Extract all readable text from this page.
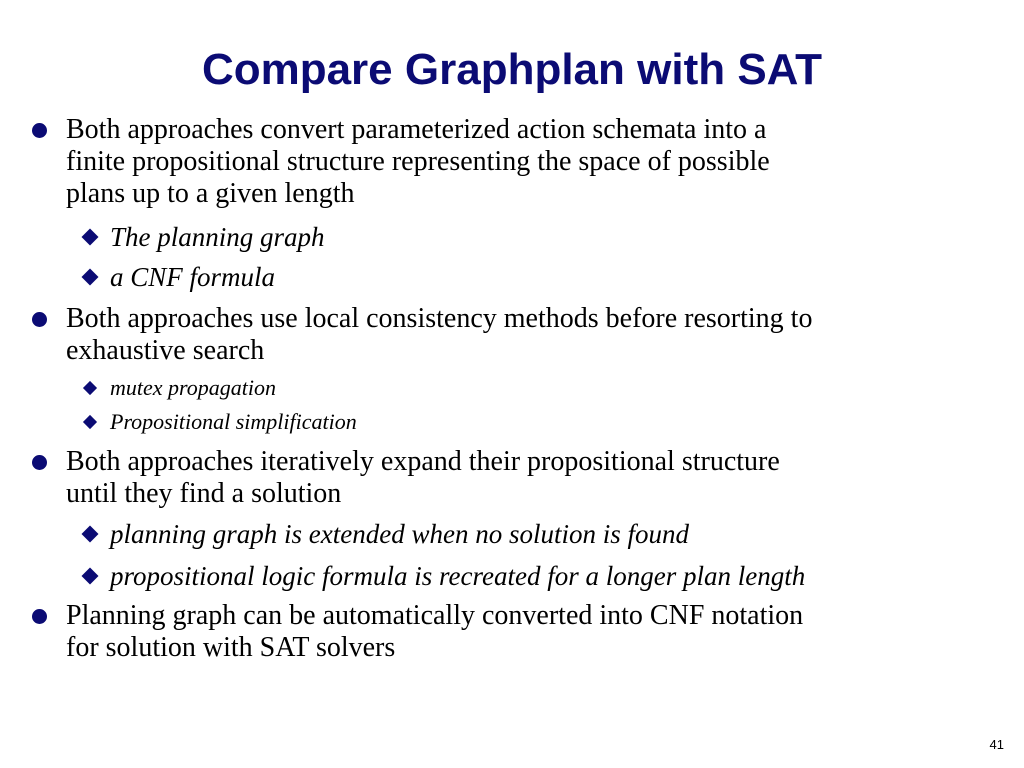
Compare Graphplan with SAT
Both approaches convert parameterized action schemata into a
finite propositional structure representing the space of possible
plans up to a given length
The planning graph
a CNF formula
Both approaches use local consistency methods before resorting to
exhaustive search
mutex propagation
Propositional simplification
Both approaches iteratively expand their propositional structure
until they find a solution
planning graph is extended when no solution is found
propositional logic formula is recreated for a longer plan length
Planning graph can be automatically converted into CNF notation
for solution with SAT solvers
41
